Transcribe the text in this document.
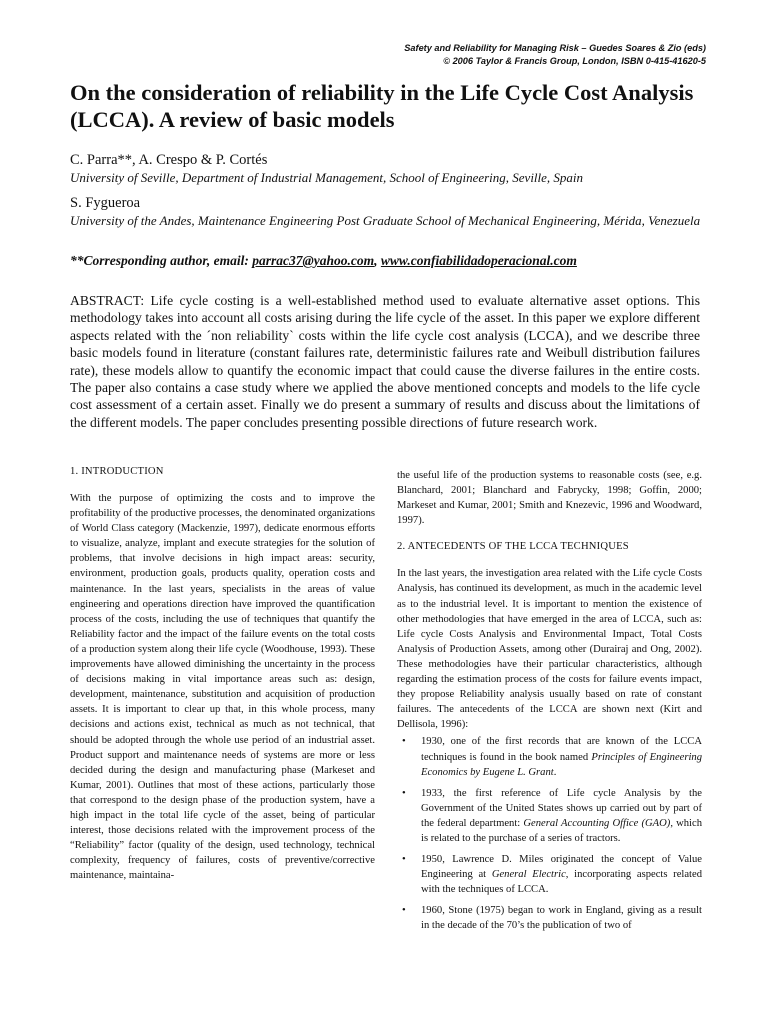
Safety and Reliability for Managing Risk – Guedes Soares & Zio (eds)
© 2006 Taylor & Francis Group, London, ISBN 0-415-41620-5
On the consideration of reliability in the Life Cycle Cost Analysis (LCCA). A review of basic models
C. Parra**, A. Crespo & P. Cortés
University of Seville, Department of Industrial Management, School of Engineering, Seville, Spain
S. Fygueroa
University of the Andes, Maintenance Engineering Post Graduate School of Mechanical Engineering, Mérida, Venezuela
**Corresponding author, email: parrac37@yahoo.com, www.confiabilidadoperacional.com

ABSTRACT: Life cycle costing is a well-established method used to evaluate alternative asset options. This methodology takes into account all costs arising during the life cycle of the asset. In this paper we explore different aspects related with the ´non reliability` costs within the life cycle cost analysis (LCCA), and we describe three basic models found in literature (constant failures rate, deterministic failures rate and Weibull distribution failures rate), these models allow to quantify the economic impact that could cause the diverse failures in the entire costs. The paper also contains a case study where we applied the above mentioned concepts and models to the life cycle cost assessment of a certain asset. Finally we do present a summary of results and discuss about the limitations of the different models. The paper concludes presenting possible directions of future research work.

1. INTRODUCTION

With the purpose of optimizing the costs and to improve the profitability of the productive processes, the denominated organizations of World Class category (Mackenzie, 1997), dedicate enormous efforts to visualize, analyze, implant and execute strategies for the solution of problems, that involve decisions in high impact areas: security, environment, production goals, products quality, operation costs and maintenance. In the last years, specialists in the areas of value engineering and operations direction have improved the quantification process of the costs, including the use of techniques that quantify the Reliability factor and the impact of the failure events on the total costs of a production system along their life cycle (Woodhouse, 1993). These improvements have allowed diminishing the uncertainty in the process of decisions making in vital importance areas such as: design, development, maintenance, substitution and acquisition of production assets. It is important to clear up that, in this whole process, many decisions and actions exist, technical as much as not technical, that should be adopted through the whole use period of an industrial asset. Product support and maintenance needs of systems are more or less decided during the design and manufacturing phase (Markeset and Kumar, 2001). Outlines that most of these actions, particularly those that correspond to the design phase of the production system, have a high impact in the total life cycle of the asset, being of particular interest, those decisions related with the improvement process of the “Reliability” factor (quality of the design, used technology, technical complexity, frequency of failures, costs of preventive/corrective maintenance, maintaina-

the useful life of the production systems to reasonable costs (see, e.g. Blanchard, 2001; Blanchard and Fabrycky, 1998; Goffin, 2000; Markeset and Kumar, 2001; Smith and Knezevic, 1996 and Woodward, 1997).

2. ANTECEDENTS OF THE LCCA TECHNIQUES

In the last years, the investigation area related with the Life cycle Costs Analysis, has continued its development, as much in the academic level as to the industrial level. It is important to mention the existence of other methodologies that have emerged in the area of LCCA, such as: Life cycle Costs Analysis and Environmental Impact, Total Costs Analysis of Production Assets, among other (Durairaj and Ong, 2002). These methodologies have their particular characteristics, although regarding the estimation process of the costs for failure events impact, they propose Reliability analysis usually based on rate of constant failures. The antecedents of the LCCA are shown next (Kirt and Dellisola, 1996):

• 1930, one of the first records that are known of the LCCA techniques is found in the book named Principles of Engineering Economics by Eugene L. Grant.
• 1933, the first reference of Life cycle Analysis by the Government of the United States shows up carried out by part of the federal department: General Accounting Office (GAO), which is related to the purchase of a series of tractors.
• 1950, Lawrence D. Miles originated the concept of Value Engineering at General Electric, incorporating aspects related with the techniques of LCCA.
• 1960, Stone (1975) began to work in England, giving as a result in the decade of the 70’s the publication of two of
